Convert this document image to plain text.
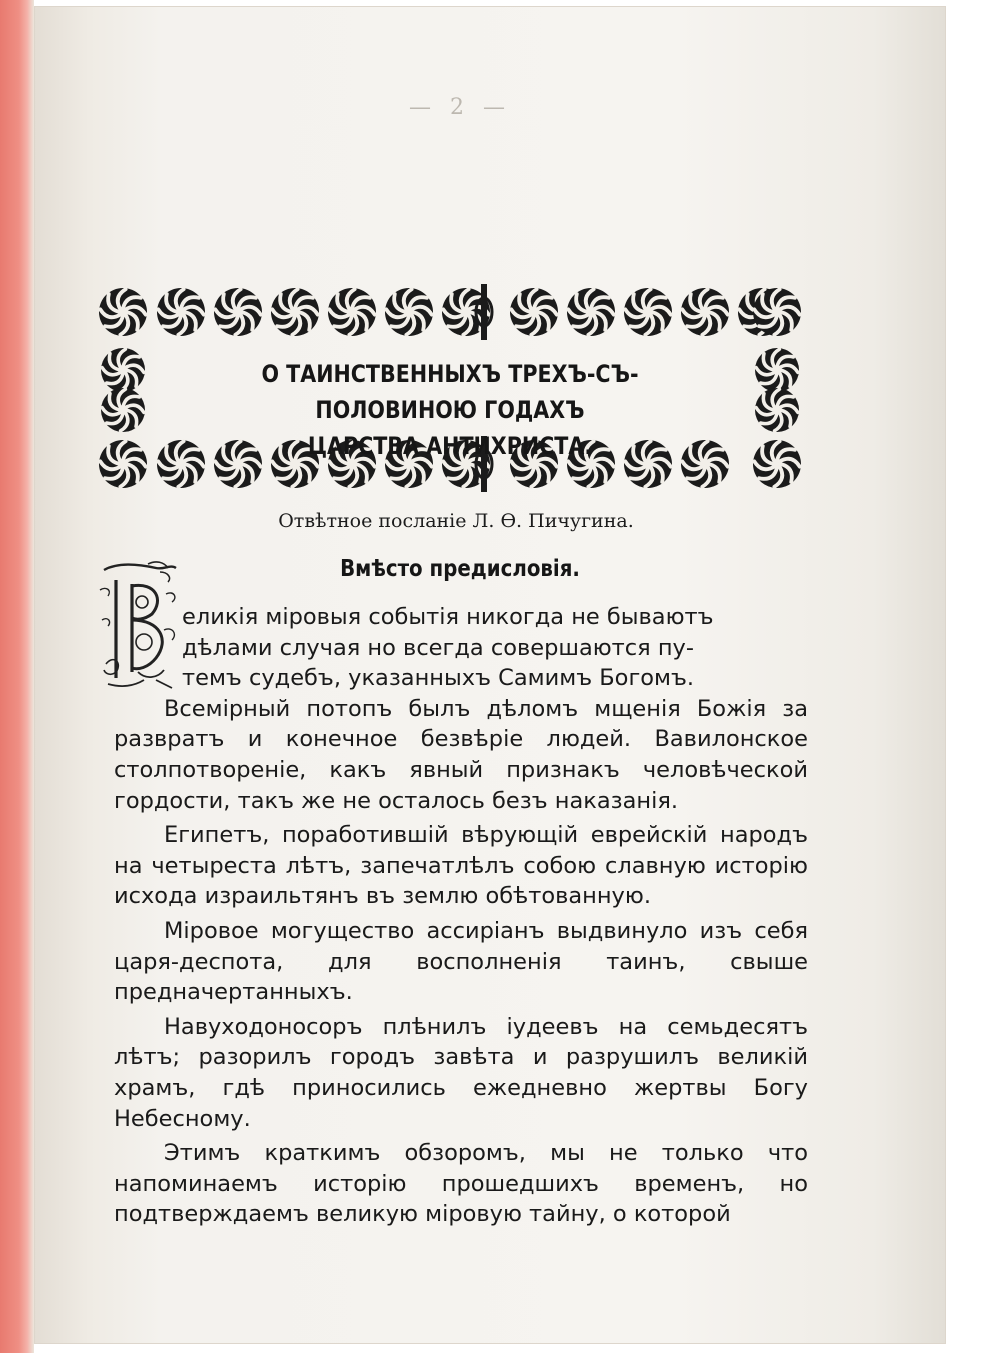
— 2 —
О ТАИНСТВЕННЫХЪ ТРЕХЪ-СЪ-ПОЛОВИНОЮ ГОДАХЪ
ЦАРСТВА АНТИХРИСТА.
Отвѣтное посланіе Л. Ѳ. Пичугина.
Вмѣсто предисловія.

еликія міровыя событія никогда не бываютъ
дѣлами случая но всегда совершаются пу-
темъ судебъ, указанныхъ Самимъ Богомъ.

Всемірный потопъ былъ дѣломъ мщенія Божія за развратъ и конечное безвѣріе людей. Вавилонское столпотвореніе, какъ явный признакъ человѣческой гордости, такъ же не осталось безъ наказанія.

Египетъ, поработившій вѣрующій еврейскій народъ на четыреста лѣтъ, запечатлѣлъ собою славную исторію исхода израильтянъ въ землю обѣтованную.

Міровое могущество ассиріанъ выдвинуло изъ себя царя-деспота, для восполненія таинъ, свыше предначертанныхъ.

Навуходоносоръ плѣнилъ іудеевъ на семьдесятъ лѣтъ; разорилъ городъ завѣта и разрушилъ великій храмъ, гдѣ приносились ежедневно жертвы Богу Небесному.

Этимъ краткимъ обзоромъ, мы не только что напоминаемъ исторію прошедшихъ временъ, но подтверждаемъ великую міровую тайну, о которой
